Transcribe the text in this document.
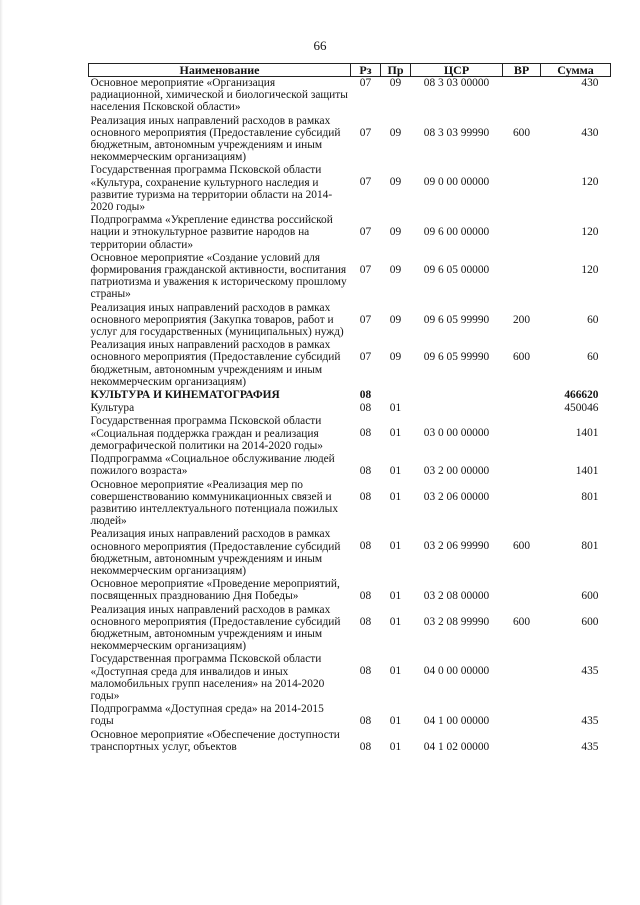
66
Наименование	Рз	Пр	ЦСР	ВР	Сумма
Основное мероприятие «Организация радиационной, химической и биологической защиты населения Псковской области»	07	09	08 3 03 00000		430
Реализация иных направлений расходов в рамках основного мероприятия (Предоставление субсидий бюджетным, автономным учреждениям и иным некоммерческим организациям)	07	09	08 3 03 99990	600	430
Государственная программа Псковской области «Культура, сохранение культурного наследия и развитие туризма на территории области на 2014-2020 годы»	07	09	09 0 00 00000		120
Подпрограмма «Укрепление единства российской нации и этнокультурное развитие народов на территории области»	07	09	09 6 00 00000		120
Основное мероприятие «Создание условий для формирования гражданской активности, воспитания патриотизма и уважения к историческому прошлому страны»	07	09	09 6 05 00000		120
Реализация иных направлений расходов в рамках основного мероприятия (Закупка товаров, работ и услуг для государственных (муниципальных) нужд)	07	09	09 6 05 99990	200	60
Реализация иных направлений расходов в рамках основного мероприятия (Предоставление субсидий бюджетным, автономным учреждениям и иным некоммерческим организациям)	07	09	09 6 05 99990	600	60
КУЛЬТУРА И КИНЕМАТОГРАФИЯ	08				466620
Культура	08	01			450046
Государственная программа Псковской области «Социальная поддержка граждан и реализация демографической политики на 2014-2020 годы»	08	01	03 0 00 00000		1401
Подпрограмма «Социальное обслуживание людей пожилого возраста»	08	01	03 2 00 00000		1401
Основное мероприятие «Реализация мер по совершенствованию коммуникационных связей и развитию интеллектуального потенциала пожилых людей»	08	01	03 2 06 00000		801
Реализация иных направлений расходов в рамках основного мероприятия (Предоставление субсидий бюджетным, автономным учреждениям и иным некоммерческим организациям)	08	01	03 2 06 99990	600	801
Основное мероприятие «Проведение мероприятий, посвященных празднованию Дня Победы»	08	01	03 2 08 00000		600
Реализация иных направлений расходов в рамках основного мероприятия (Предоставление субсидий бюджетным, автономным учреждениям и иным некоммерческим организациям)	08	01	03 2 08 99990	600	600
Государственная программа Псковской области «Доступная среда для инвалидов и иных маломобильных групп населения» на 2014-2020 годы»	08	01	04 0 00 00000		435
Подпрограмма «Доступная среда» на 2014-2015 годы	08	01	04 1 00 00000		435
Основное мероприятие «Обеспечение доступности транспортных услуг, объектов	08	01	04 1 02 00000		435
